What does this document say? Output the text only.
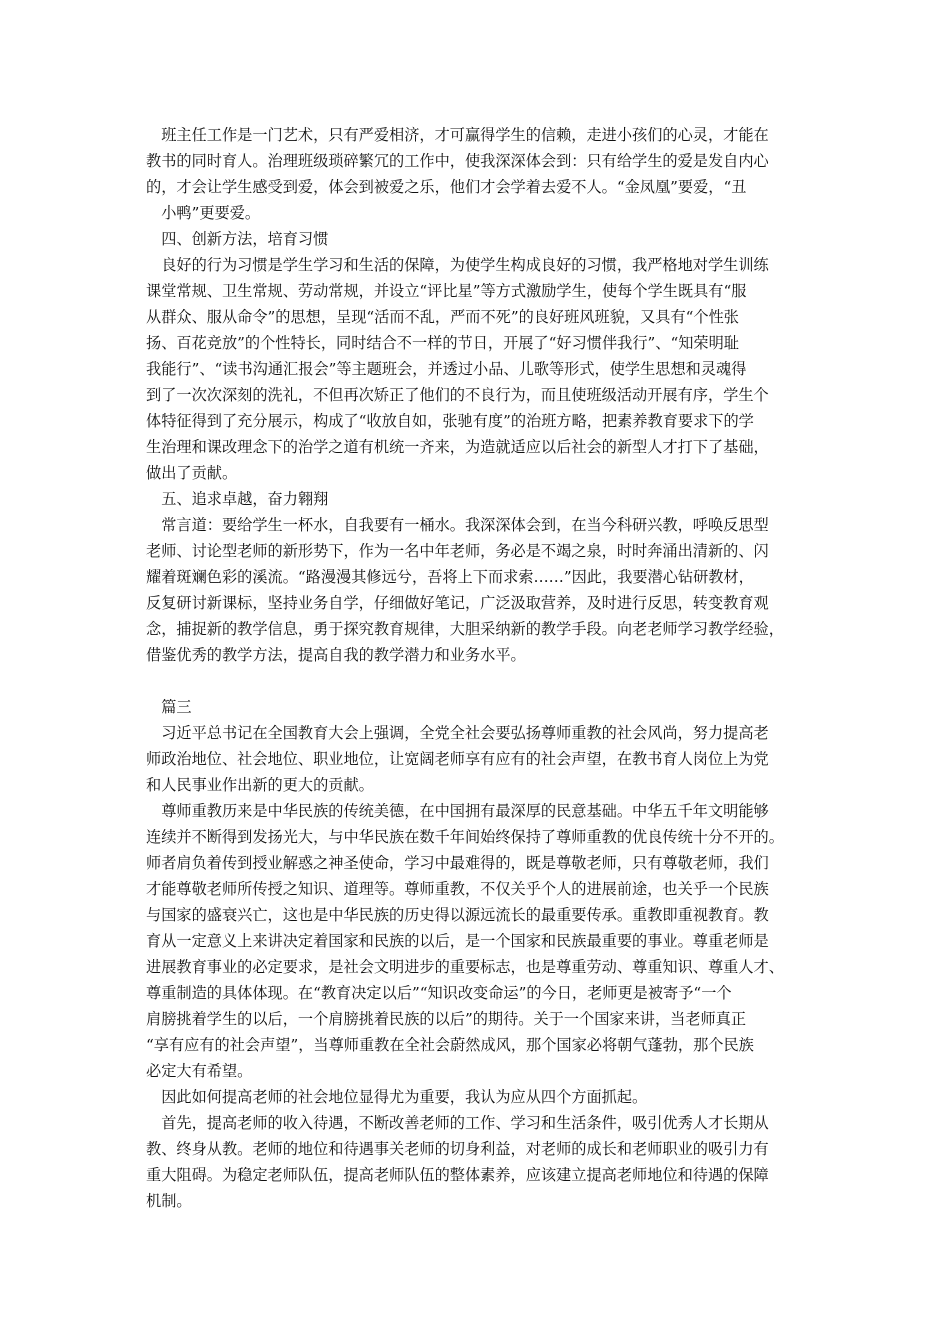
　班主任工作是一门艺术，只有严爱相济，才可赢得学生的信赖，走进小孩们的心灵，才能在
教书的同时育人。治理班级琐碎繁冗的工作中，使我深深体会到：只有给学生的爱是发自内心
的，才会让学生感受到爱，体会到被爱之乐，他们才会学着去爱不人。“金凤凰”要爱，“丑
　小鸭”更要爱。
　四、创新方法，培育习惯
　良好的行为习惯是学生学习和生活的保障，为使学生构成良好的习惯，我严格地对学生训练
课堂常规、卫生常规、劳动常规，并设立“评比星”等方式激励学生，使每个学生既具有“服
从群众、服从命令”的思想，呈现“活而不乱，严而不死”的良好班风班貌，又具有“个性张
扬、百花竞放”的个性特长，同时结合不一样的节日，开展了“好习惯伴我行”、“知荣明耻
我能行”、“读书沟通汇报会”等主题班会，并透过小品、儿歌等形式，使学生思想和灵魂得
到了一次次深刻的洗礼，不但再次矫正了他们的不良行为，而且使班级活动开展有序，学生个
体特征得到了充分展示，构成了“收放自如，张驰有度”的治班方略，把素养教育要求下的学
生治理和课改理念下的治学之道有机统一齐来，为造就适应以后社会的新型人才打下了基础，
做出了贡献。
　五、追求卓越，奋力翱翔
　常言道：要给学生一杯水，自我要有一桶水。我深深体会到，在当今科研兴教，呼唤反思型
老师、讨论型老师的新形势下，作为一名中年老师，务必是不竭之泉，时时奔涌出清新的、闪
耀着斑斓色彩的溪流。“路漫漫其修远兮，吾将上下而求索……”因此，我要潜心钻研教材，
反复研讨新课标，坚持业务自学，仔细做好笔记，广泛汲取营养，及时进行反思，转变教育观
念，捕捉新的教学信息，勇于探究教育规律，大胆采纳新的教学手段。向老老师学习教学经验，
借鉴优秀的教学方法，提高自我的教学潜力和业务水平。
　篇三
　习近平总书记在全国教育大会上强调，全党全社会要弘扬尊师重教的社会风尚，努力提高老
师政治地位、社会地位、职业地位，让宽阔老师享有应有的社会声望，在教书育人岗位上为党
和人民事业作出新的更大的贡献。
　尊师重教历来是中华民族的传统美德，在中国拥有最深厚的民意基础。中华五千年文明能够
连续并不断得到发扬光大，与中华民族在数千年间始终保持了尊师重教的优良传统十分不开的。
师者肩负着传到授业解惑之神圣使命，学习中最难得的，既是尊敬老师，只有尊敬老师，我们
才能尊敬老师所传授之知识、道理等。尊师重教，不仅关乎个人的进展前途，也关乎一个民族
与国家的盛衰兴亡，这也是中华民族的历史得以源远流长的最重要传承。重教即重视教育。教
育从一定意义上来讲决定着国家和民族的以后，是一个国家和民族最重要的事业。尊重老师是
进展教育事业的必定要求，是社会文明进步的重要标志，也是尊重劳动、尊重知识、尊重人才、
尊重制造的具体体现。在“教育决定以后”“知识改变命运”的今日，老师更是被寄予“一个
肩膀挑着学生的以后，一个肩膀挑着民族的以后”的期待。关于一个国家来讲，当老师真正
“享有应有的社会声望”，当尊师重教在全社会蔚然成风，那个国家必将朝气蓬勃，那个民族
必定大有希望。
　因此如何提高老师的社会地位显得尤为重要，我认为应从四个方面抓起。
　首先，提高老师的收入待遇，不断改善老师的工作、学习和生活条件，吸引优秀人才长期从
教、终身从教。老师的地位和待遇事关老师的切身利益，对老师的成长和老师职业的吸引力有
重大阻碍。为稳定老师队伍，提高老师队伍的整体素养，应该建立提高老师地位和待遇的保障
机制。
